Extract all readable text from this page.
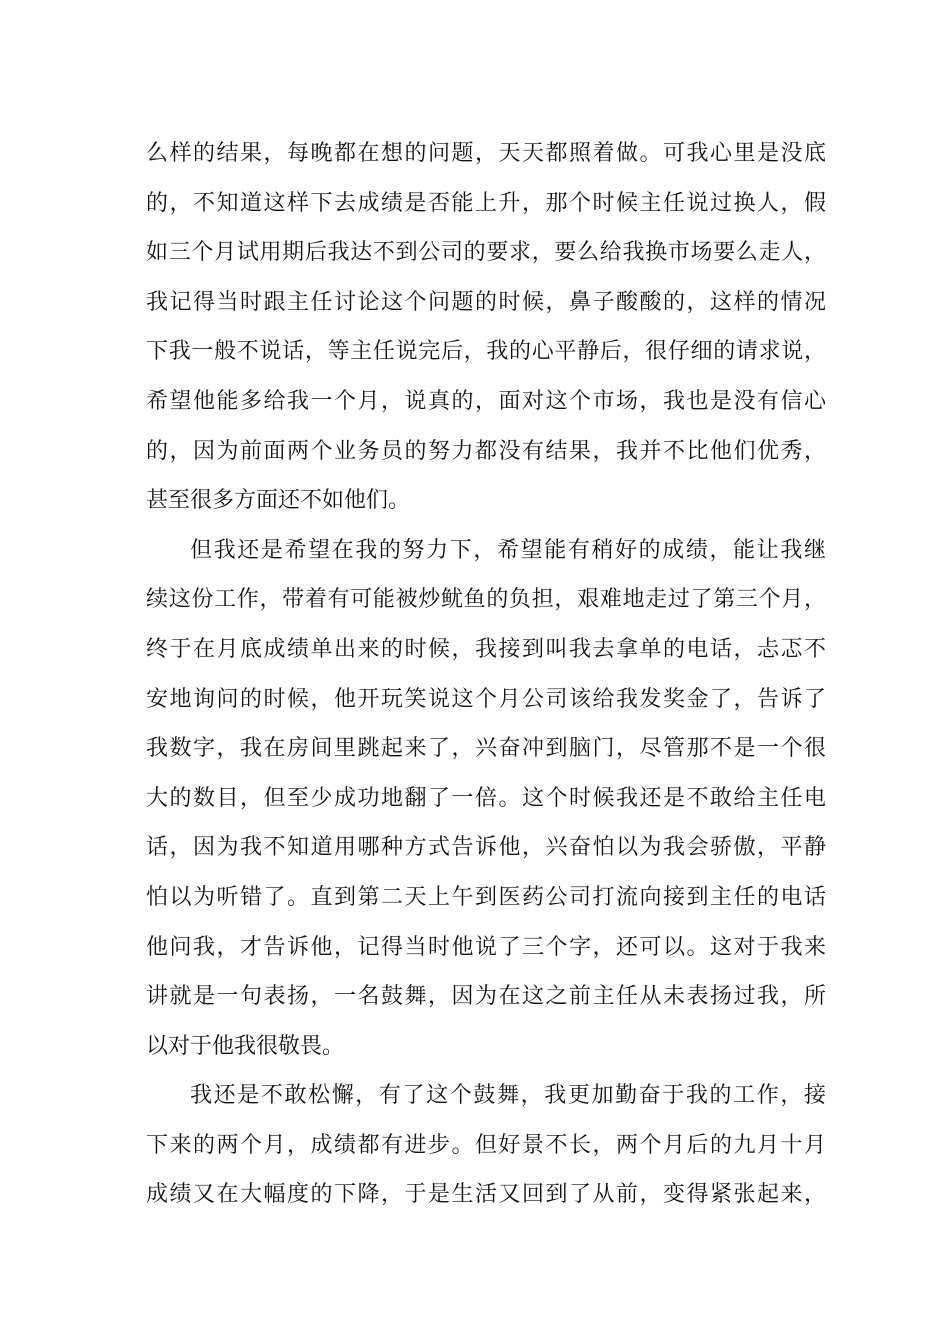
么样的结果，每晚都在想的问题，天天都照着做。可我心里是没底
的，不知道这样下去成绩是否能上升，那个时候主任说过换人，假
如三个月试用期后我达不到公司的要求，要么给我换市场要么走人，
我记得当时跟主任讨论这个问题的时候，鼻子酸酸的，这样的情况
下我一般不说话，等主任说完后，我的心平静后，很仔细的请求说，
希望他能多给我一个月，说真的，面对这个市场，我也是没有信心
的，因为前面两个业务员的努力都没有结果，我并不比他们优秀，
甚至很多方面还不如他们。
但我还是希望在我的努力下，希望能有稍好的成绩，能让我继
续这份工作，带着有可能被炒鱿鱼的负担，艰难地走过了第三个月，
终于在月底成绩单出来的时候，我接到叫我去拿单的电话，忐忑不
安地询问的时候，他开玩笑说这个月公司该给我发奖金了，告诉了
我数字，我在房间里跳起来了，兴奋冲到脑门，尽管那不是一个很
大的数目，但至少成功地翻了一倍。这个时候我还是不敢给主任电
话，因为我不知道用哪种方式告诉他，兴奋怕以为我会骄傲，平静
怕以为听错了。直到第二天上午到医药公司打流向接到主任的电话
他问我，才告诉他，记得当时他说了三个字，还可以。这对于我来
讲就是一句表扬，一名鼓舞，因为在这之前主任从未表扬过我，所
以对于他我很敬畏。
我还是不敢松懈，有了这个鼓舞，我更加勤奋于我的工作，接
下来的两个月，成绩都有进步。但好景不长，两个月后的九月十月
成绩又在大幅度的下降，于是生活又回到了从前，变得紧张起来，
